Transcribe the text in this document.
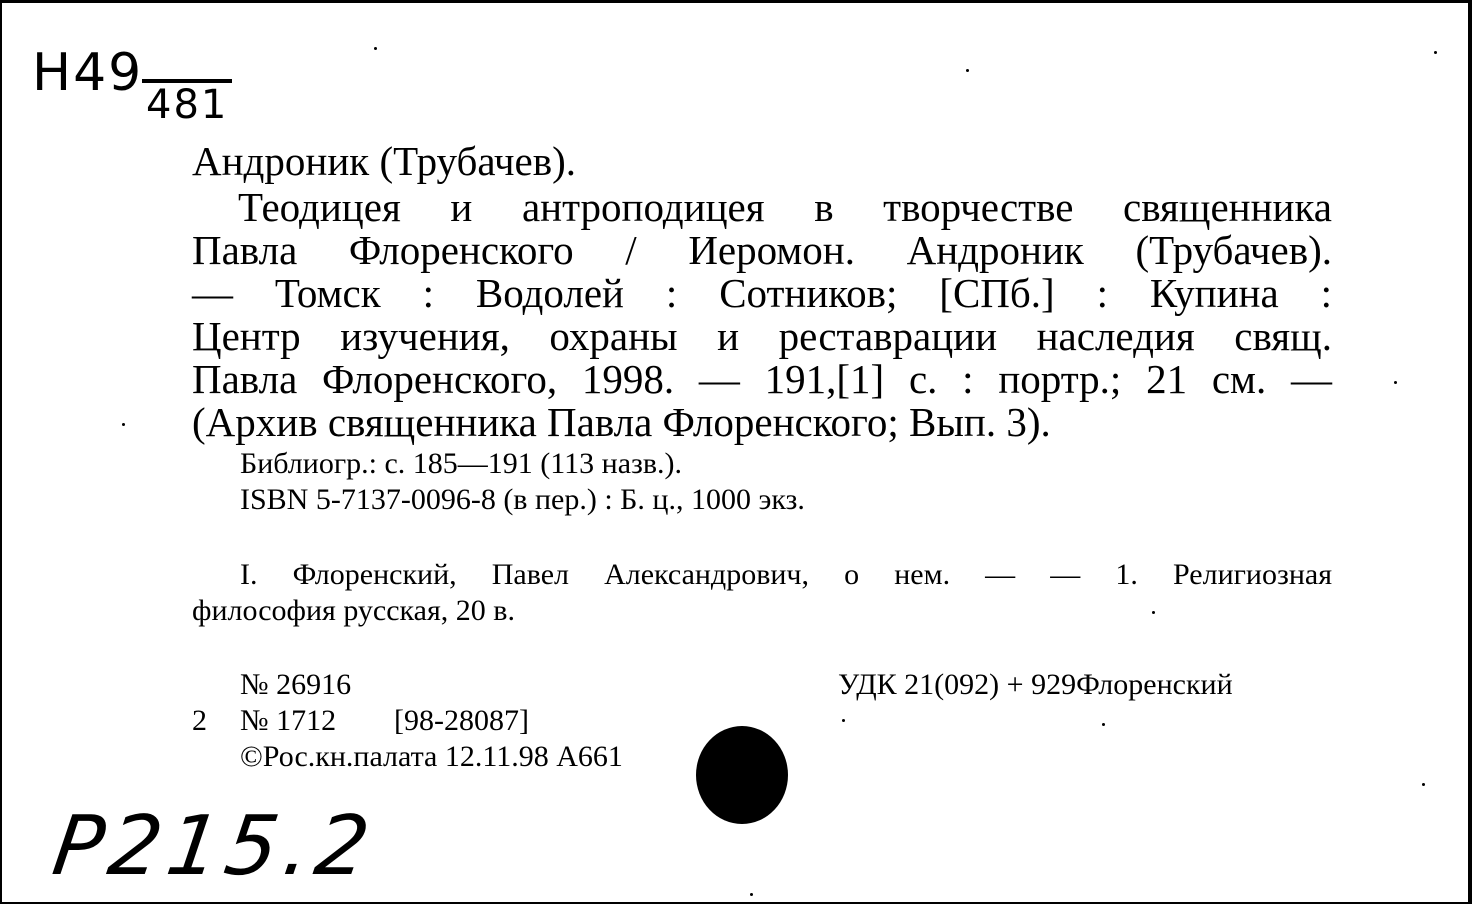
Н49
481
Андроник (Трубачев).
Теодицея и антроподицея в творчестве священника
Павла Флоренского / Иеромон. Андроник (Трубачев).
— Томск : Водолей : Сотников; [СПб.] : Купина :
Центр изучения, охраны и реставрации наследия свящ.
Павла Флоренского, 1998. — 191,[1] с. : портр.; 21 см. —
(Архив священника Павла Флоренского; Вып. 3).
Библиогр.: с. 185—191 (113 назв.).
ISBN 5-7137-0096-8 (в пер.) : Б. ц., 1000 экз.
I. Флоренский, Павел Александрович, о нем. — — 1. Религиозная
философия русская, 20 в.
№ 26916	УДК 21(092) + 929Флоренский
2 № 1712 [98-28087]
©Рос.кн.палата 12.11.98 А661
P215.2
